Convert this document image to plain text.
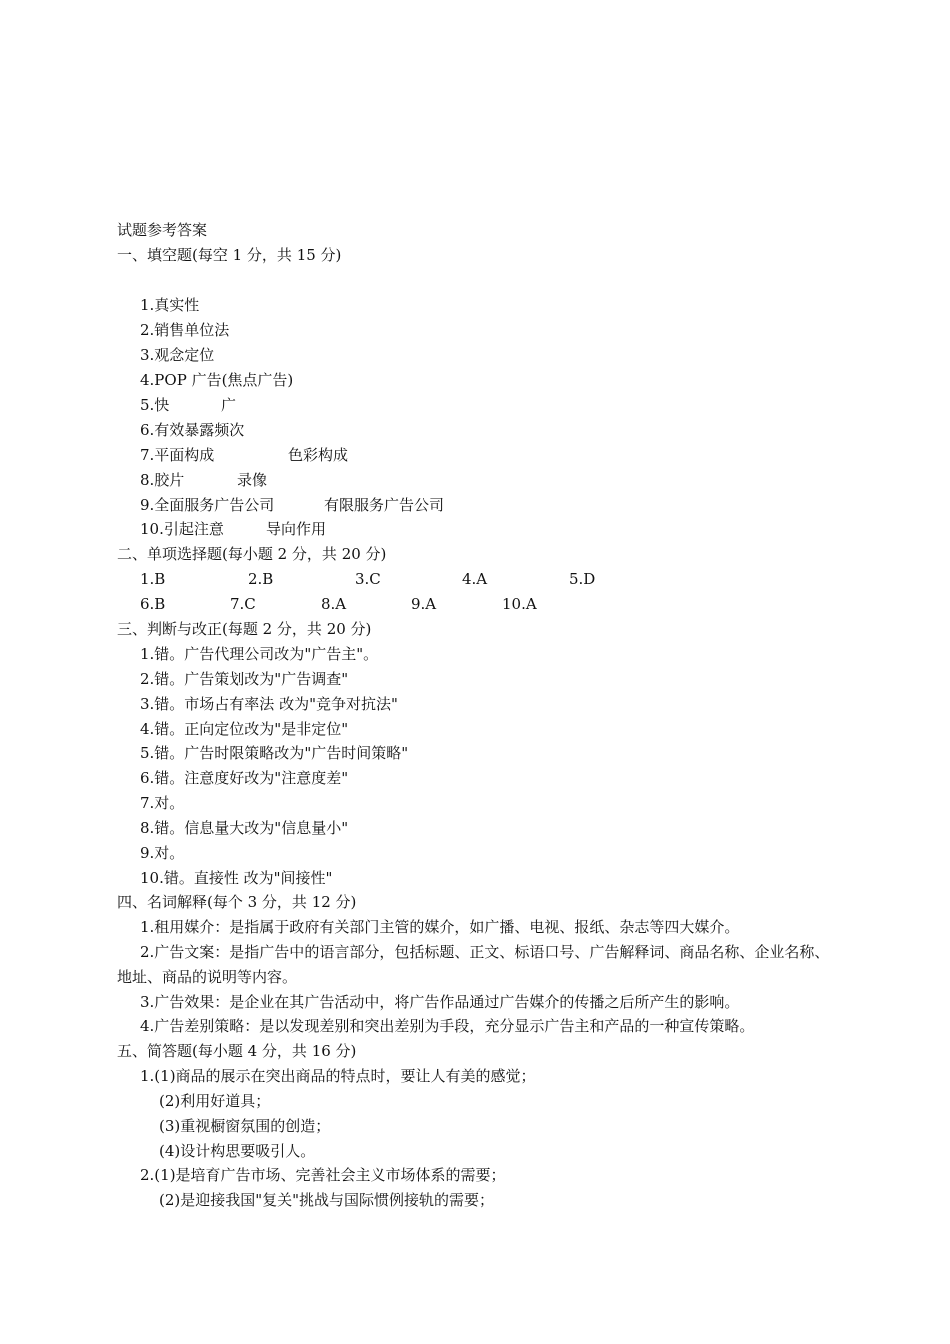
试题参考答案
一、填空题(每空 1 分，共 15 分)
1.真实性
2.销售单位法
3.观念定位
4.POP 广告(焦点广告)
5.快	广
6.有效暴露频次
7.平面构成	色彩构成
8.胶片	录像
9.全面服务广告公司	有限服务广告公司
10.引起注意	导向作用
二、单项选择题(每小题 2 分，共 20 分)
1.B	2.B	3.C	4.A	5.D
6.B	7.C	8.A	9.A	10.A
三、判断与改正(每题 2 分，共 20 分)
1.错。广告代理公司改为"广告主"。
2.错。广告策划改为"广告调查"
3.错。市场占有率法 改为"竞争对抗法"
4.错。正向定位改为"是非定位"
5.错。广告时限策略改为"广告时间策略"
6.错。注意度好改为"注意度差"
7.对。
8.错。信息量大改为"信息量小"
9.对。
10.错。直接性 改为"间接性"
四、名词解释(每个 3 分，共 12 分)
1.租用媒介：是指属于政府有关部门主管的媒介，如广播、电视、报纸、杂志等四大媒介。
2.广告文案：是指广告中的语言部分，包括标题、正文、标语口号、广告解释词、商品名称、企业名称、
地址、商品的说明等内容。
3.广告效果：是企业在其广告活动中，将广告作品通过广告媒介的传播之后所产生的影响。
4.广告差别策略：是以发现差别和突出差别为手段，充分显示广告主和产品的一种宣传策略。
五、简答题(每小题 4 分，共 16 分)
1.(1)商品的展示在突出商品的特点时，要让人有美的感觉；
(2)利用好道具；
(3)重视橱窗氛围的创造；
(4)设计构思要吸引人。
2.(1)是培育广告市场、完善社会主义市场体系的需要；
(2)是迎接我国"复关"挑战与国际惯例接轨的需要；
